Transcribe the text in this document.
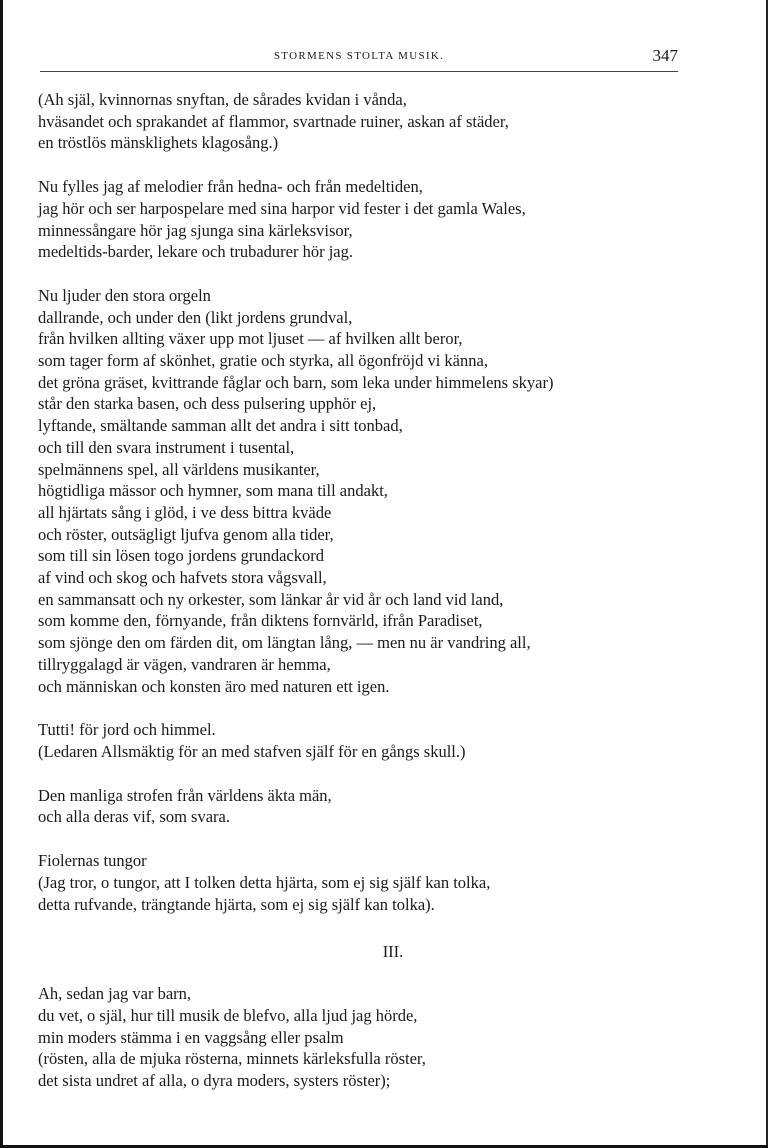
STORMENS STOLTA MUSIK.	347
(Ah själ, kvinnornas snyftan, de sårades kvidan i vånda,
hväsandet och sprakandet af flammor, svartnade ruiner, askan af städer,
en tröstlös mänsklighets klagosång.)
Nu fylles jag af melodier från hedna- och från medeltiden,
jag hör och ser harpospelare med sina harpor vid fester i det gamla Wales,
minnessångare hör jag sjunga sina kärleksvisor,
medeltids-barder, lekare och trubadurer hör jag.
Nu ljuder den stora orgeln
dallrande, och under den (likt jordens grundval,
från hvilken allting växer upp mot ljuset — af hvilken allt beror,
som tager form af skönhet, gratie och styrka, all ögonfröjd vi känna,
det gröna gräset, kvittrande fåglar och barn, som leka under himmelens skyar)
står den starka basen, och dess pulsering upphör ej,
lyftande, smältande samman allt det andra i sitt tonbad,
och till den svara instrument i tusental,
spelmännens spel, all världens musikanter,
högtidliga mässor och hymner, som mana till andakt,
all hjärtats sång i glöd, i ve dess bittra kväde
och röster, outsägligt ljufva genom alla tider,
som till sin lösen togo jordens grundackord
af vind och skog och hafvets stora vågsvall,
en sammansatt och ny orkester, som länkar år vid år och land vid land,
som komme den, förnyande, från diktens fornvärld, ifrån Paradiset,
som sjönge den om färden dit, om längtan lång, — men nu är vandring all,
tillryggalagd är vägen, vandraren är hemma,
och människan och konsten äro med naturen ett igen.
Tutti! för jord och himmel.
(Ledaren Allsmäktig för an med stafven själf för en gångs skull.)
Den manliga strofen från världens äkta män,
och alla deras vif, som svara.
Fiolernas tungor
(Jag tror, o tungor, att I tolken detta hjärta, som ej sig själf kan tolka,
detta rufvande, trängtande hjärta, som ej sig själf kan tolka).
III.
Ah, sedan jag var barn,
du vet, o själ, hur till musik de blefvo, alla ljud jag hörde,
min moders stämma i en vaggsång eller psalm
(rösten, alla de mjuka rösterna, minnets kärleksfulla röster,
det sista undret af alla, o dyra moders, systers röster);
